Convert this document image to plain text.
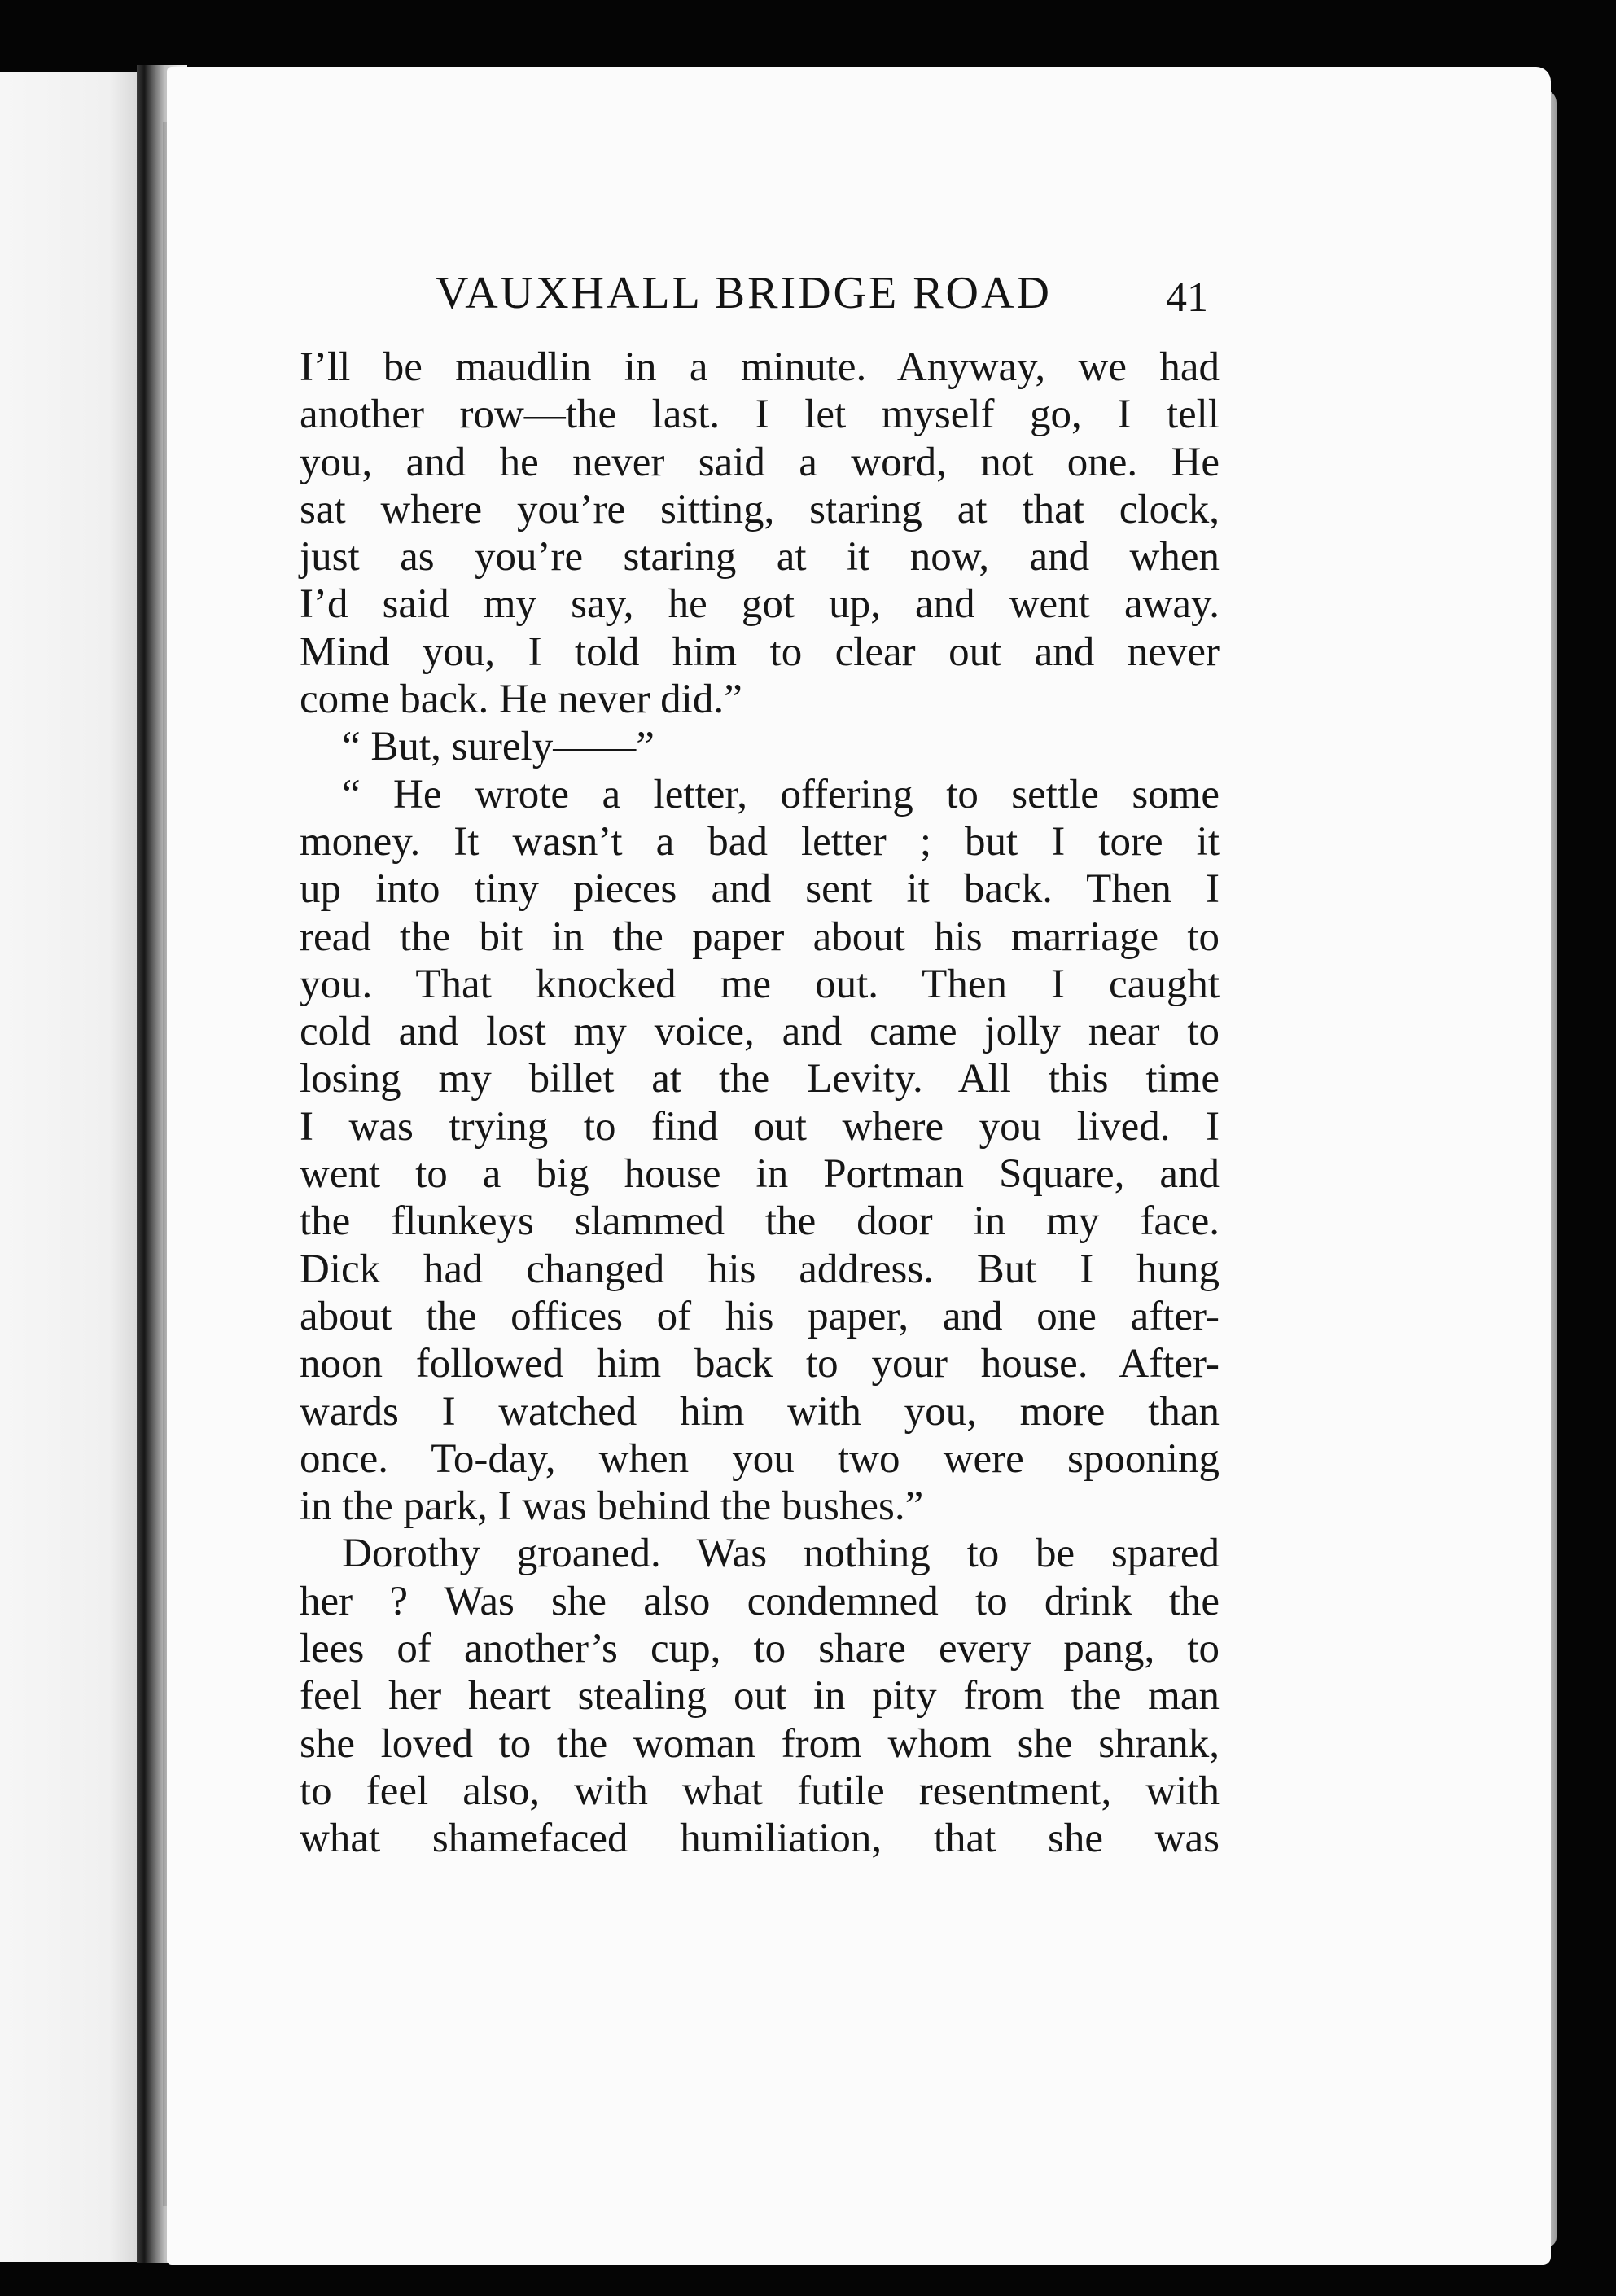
VAUXHALL BRIDGE ROAD	41
I’ll be maudlin in a minute. Anyway, we had
another row—the last. I let myself go, I tell
you, and he never said a word, not one. He
sat where you’re sitting, staring at that clock,
just as you’re staring at it now, and when
I’d said my say, he got up, and went away.
Mind you, I told him to clear out and never
come back. He never did.”
“ But, surely——”
“ He wrote a letter, offering to settle some
money. It wasn’t a bad letter ; but I tore it
up into tiny pieces and sent it back. Then I
read the bit in the paper about his marriage to
you. That knocked me out. Then I caught
cold and lost my voice, and came jolly near to
losing my billet at the Levity. All this time
I was trying to find out where you lived. I
went to a big house in Portman Square, and
the flunkeys slammed the door in my face.
Dick had changed his address. But I hung
about the offices of his paper, and one after-
noon followed him back to your house. After-
wards I watched him with you, more than
once. To-day, when you two were spooning
in the park, I was behind the bushes.”
Dorothy groaned. Was nothing to be spared
her ? Was she also condemned to drink the
lees of another’s cup, to share every pang, to
feel her heart stealing out in pity from the man
she loved to the woman from whom she shrank,
to feel also, with what futile resentment, with
what shamefaced humiliation, that she was
